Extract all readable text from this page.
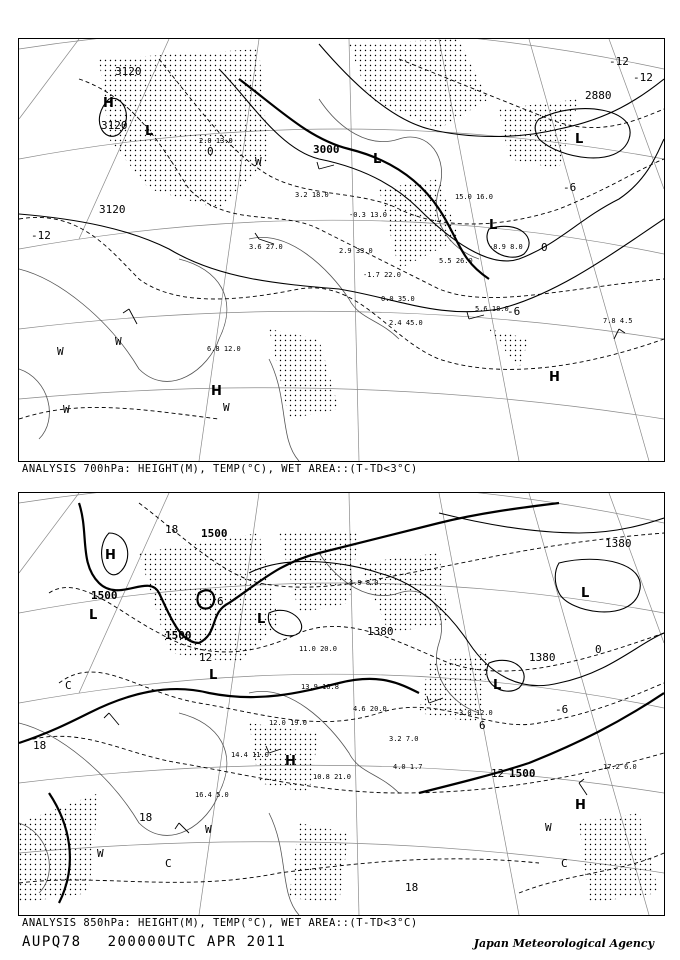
3120
3120
3120
3000
2880
-12
-12
-12
0
-6
0
-6
H
L
L
L
L
H
H
W
W
W
W	W
2.0 13.0
3.2 18.0
-0.3 13.0
2.9 33.0
5.5 26.0
0.0 35.0
2.4 45.0
5.6 18.0
7.8 4.5
6.8 12.0
-1.7 22.0
3.6 27.0
15.0 16.0
-8.9 8.0
ANALYSIS 700hPa: HEIGHT(M), TEMP(°C), WET AREA::(T-TD<3°C)
1500
1500
1500	1380
1380
1380
1500
18
12
6
0
-6
6
12
18
18
18
C
C	C
H
L	L
L
L
L
H
H
W
W
W
4.9 8.0
11.0 20.0
13.9 16.8
12.0 19.0
4.6 20.0
3.2 7.0
4.0 1.7	17.2 6.0
16.4 5.0
14.4 11.0
10.8 21.0
3.0 12.0
ANALYSIS 850hPa: HEIGHT(M), TEMP(°C), WET AREA::(T-TD<3°C)
AUPQ78 200000UTC APR 2011	Japan Meteorological Agency
